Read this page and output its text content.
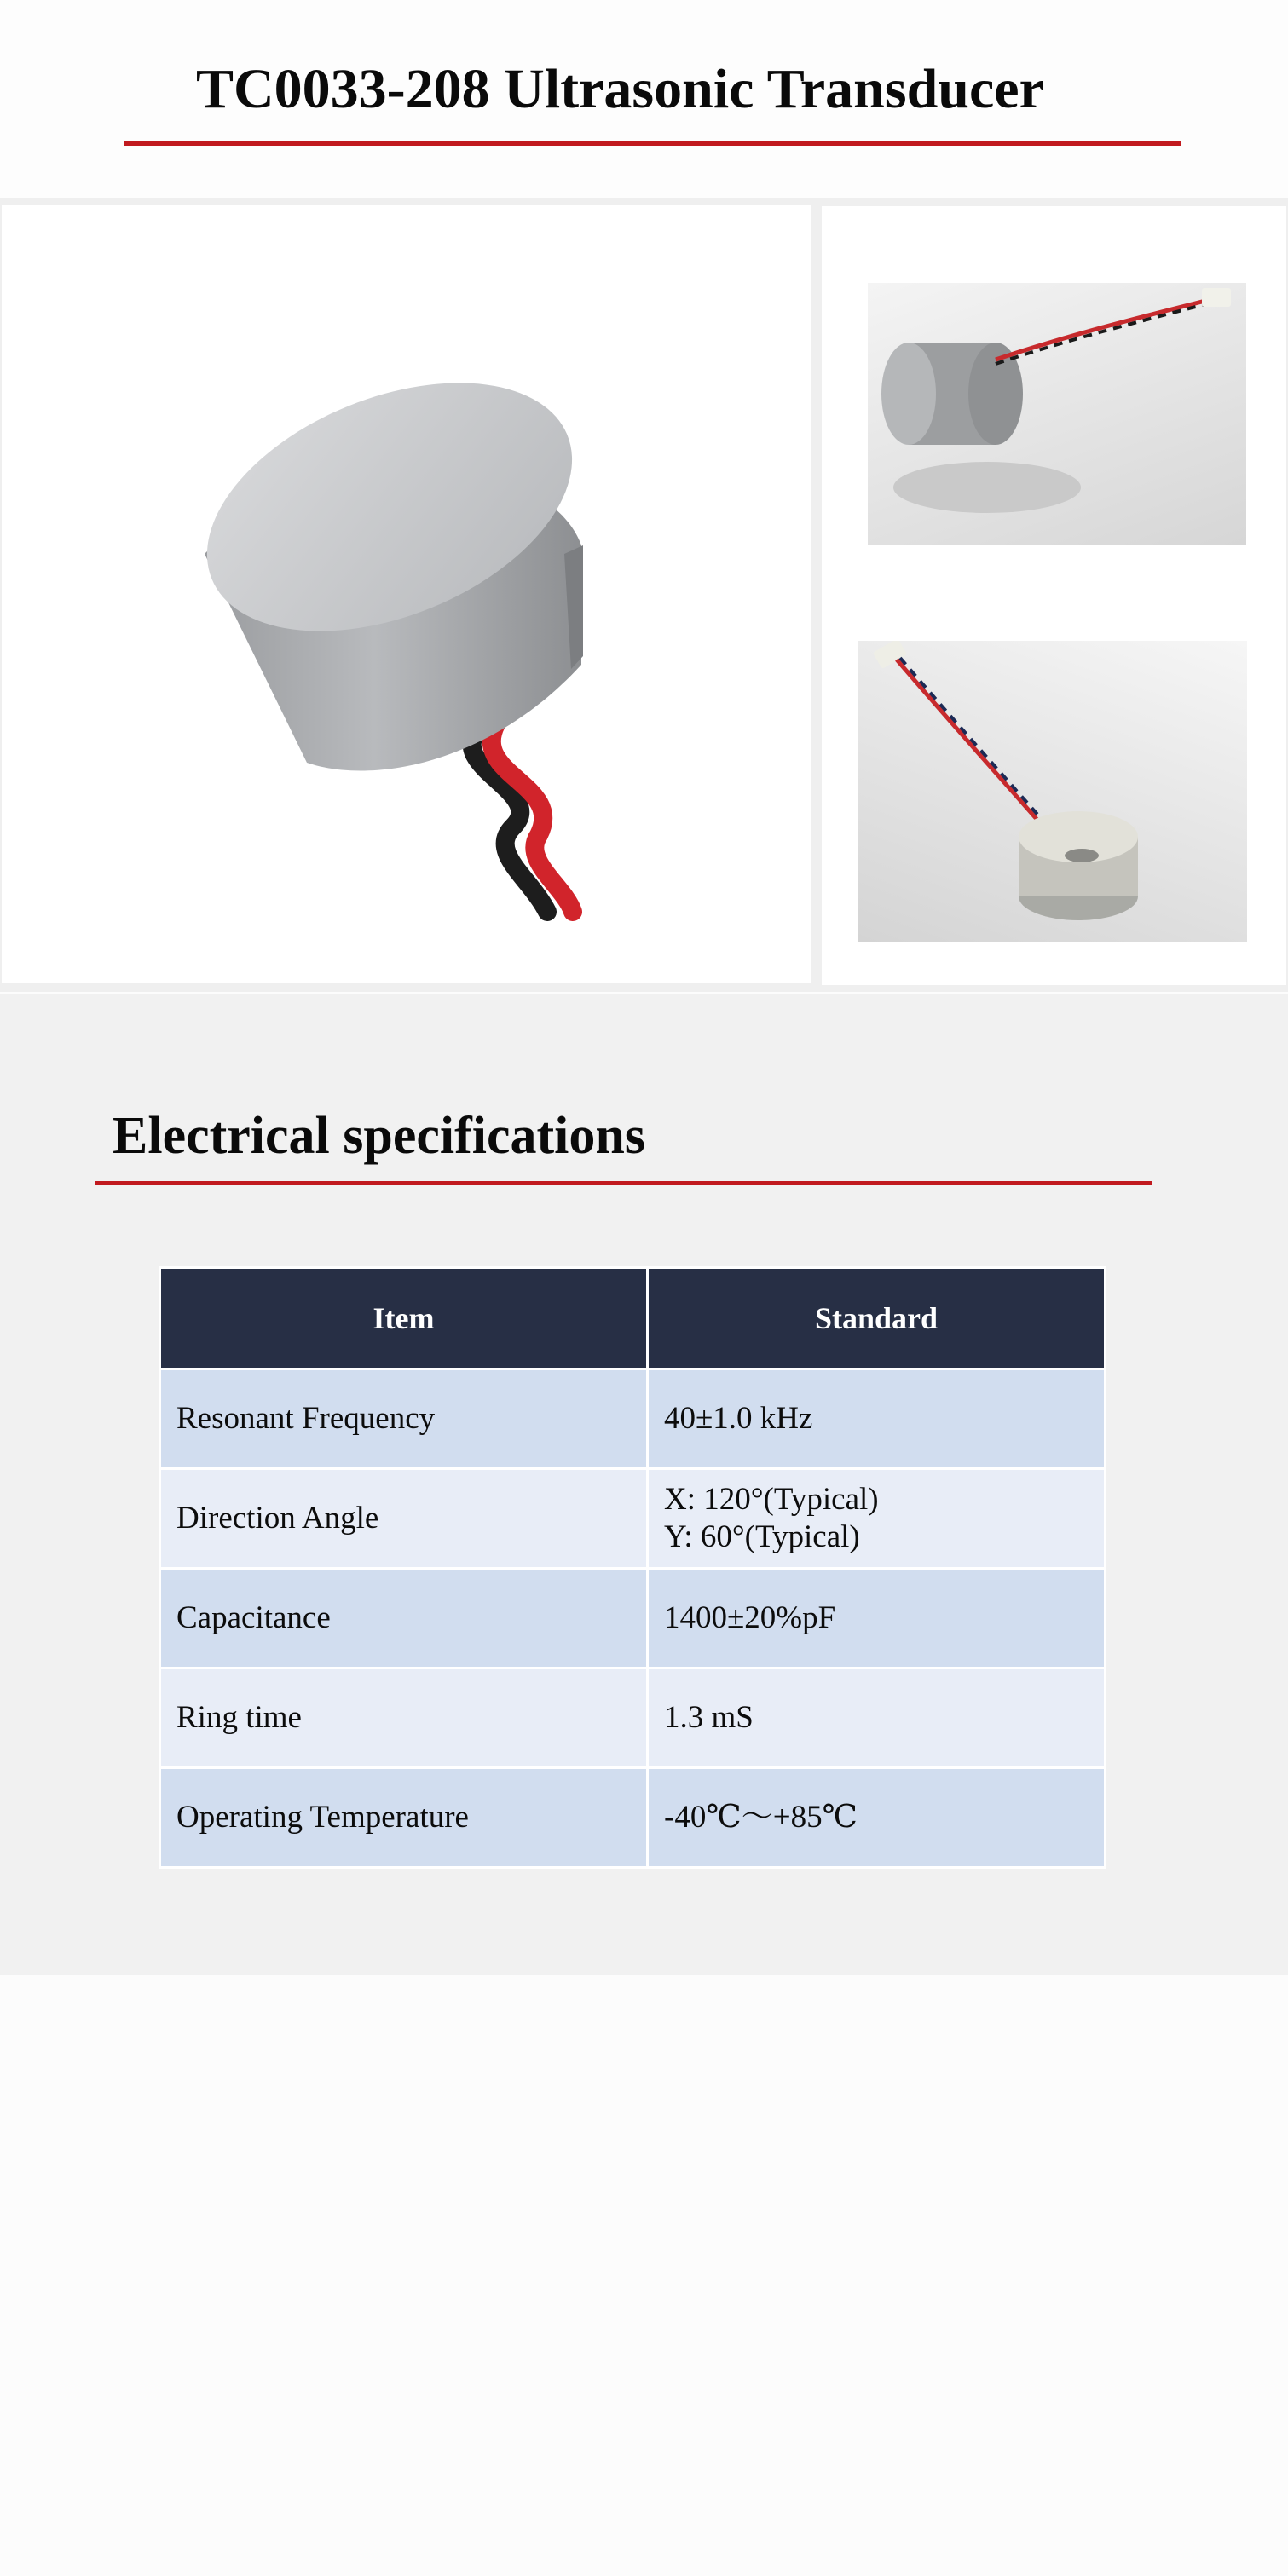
TC0033-208 Ultrasonic Transducer
Electrical specifications
Item	Standard
Resonant Frequency	40±1.0 kHz

Direction Angle	X: 120°(Typical)
Y: 60°(Typical)

Capacitance	1400±20%pF

Ring time	1.3 mS

Operating Temperature	-40℃～+85℃
